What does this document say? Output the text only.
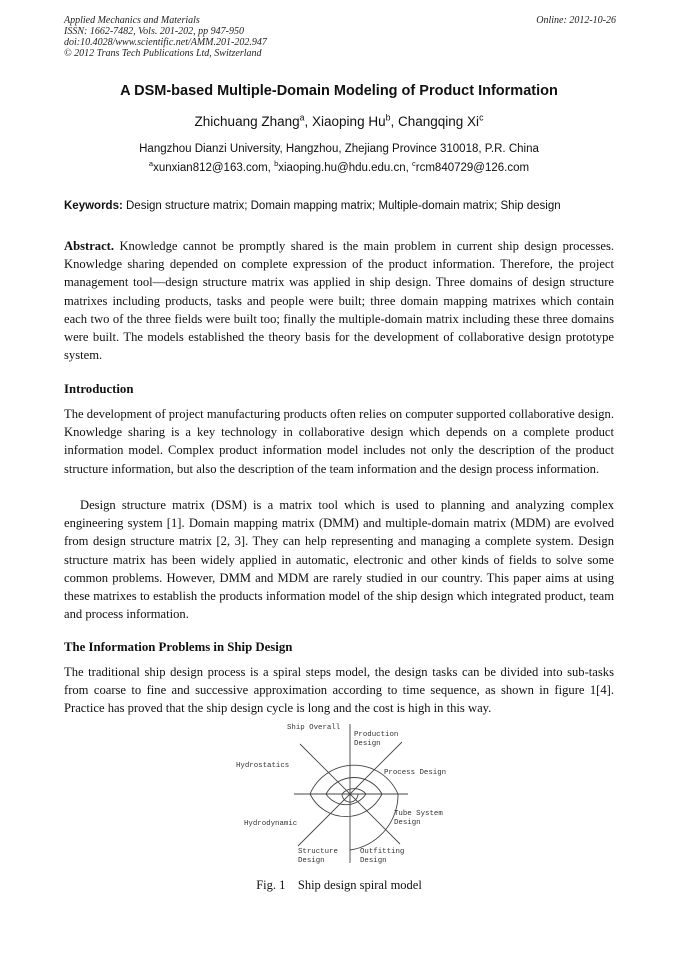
Applied Mechanics and Materials
ISSN: 1662-7482, Vols. 201-202, pp 947-950
doi:10.4028/www.scientific.net/AMM.201-202.947
© 2012 Trans Tech Publications Ltd, Switzerland
Online: 2012-10-26
A DSM-based Multiple-Domain Modeling of Product Information
Zhichuang Zhang$^a$, Xiaoping Hu$^b$, Changqing Xi$^c$
Hangzhou Dianzi University, Hangzhou, Zhejiang Province 310018, P.R. China
$^a$xunxian812@163.com, $^b$xiaoping.hu@hdu.edu.cn, $^c$rcm840729@126.com
Keywords: Design structure matrix; Domain mapping matrix; Multiple-domain matrix; Ship design

Abstract. Knowledge cannot be promptly shared is the main problem in current ship design processes. Knowledge sharing depended on complete expression of the product information. Therefore, the project management tool—design structure matrix was applied in ship design. Three domains of design structure matrixes including products, tasks and people were built; three domain mapping matrixes which contain each two of the three fields were built too; finally the multiple-domain matrix including these three domains were built. The models established the theory basis for the development of collaborative design prototype system.

Introduction

The development of project manufacturing products often relies on computer supported collaborative design. Knowledge sharing is a key technology in collaborative design which depends on a complete product information model. Complex product information model includes not only the description of the product structure information, but also the description of the team information and the design process information.

Design structure matrix (DSM) is a matrix tool which is used to planning and analyzing complex engineering system [1]. Domain mapping matrix (DMM) and multiple-domain matrix (MDM) are evolved from design structure matrix [2, 3]. They can help representing and managing a complete system. Design structure matrix has been widely applied in automatic, electronic and other kinds of fields to solve some common problems. However, DMM and MDM are rarely studied in our country. This paper aims at using these matrixes to establish the products information model of the ship design which integrated product, team and process information.

The Information Problems in Ship Design

The traditional ship design process is a spiral steps model, the design tasks can be divided into sub-tasks from coarse to fine and successive approximation according to time sequence, as shown in figure 1[4]. Practice has proved that the ship design cycle is long and the cost is high in this way.

Ship Overall
Production
Design
Hydrostatics
Process Design
Tube System
Design
Hydrodynamic
Structure
Design
Outfitting
Design
Fig. 1    Ship design spiral model
